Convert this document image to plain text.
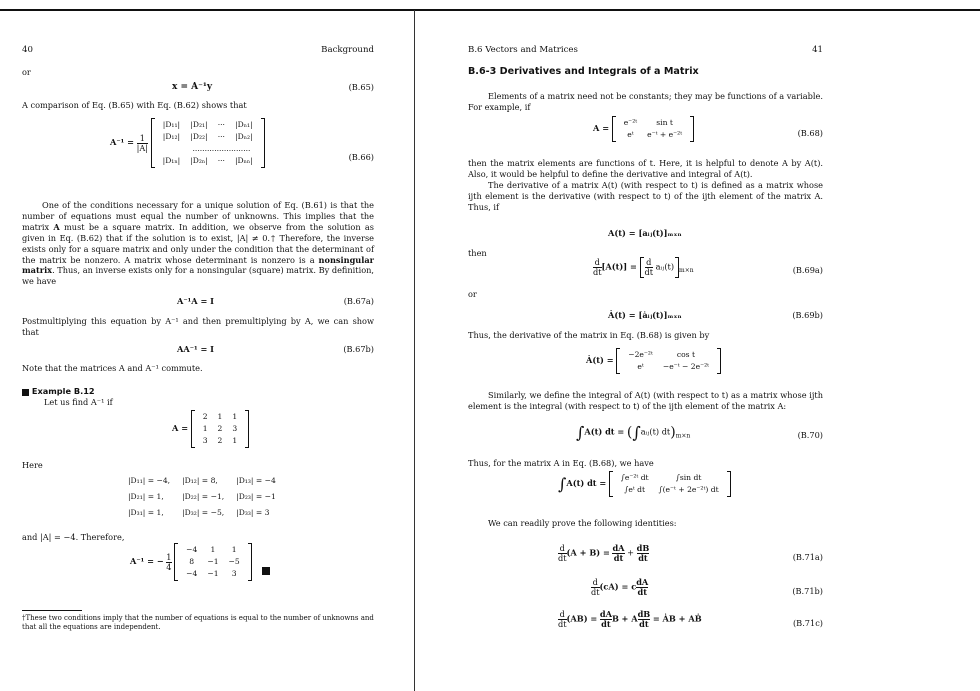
40	Background
or
x = A⁻¹y	(B.65)
A comparison of Eq. (B.65) with Eq. (B.62) shows that
$A^{-1} = \frac{1}{|A|}$

|D₁₁|	|D₂₁|	···	|Dₙ₁|
|D₁₂|	|D₂₂|	···	|Dₙ₂|
	........................		
|D₁ₙ|	|D₂ₙ|	···	|Dₙₙ|	(B.66)
One of the conditions necessary for a unique solution of Eq. (B.61) is that the number of equations must equal the number of unknowns. This implies that the matrix A must be a square matrix. In addition, we observe from the solution as given in Eq. (B.62) that if the solution is to exist, |A| ≠ 0.† Therefore, the inverse exists only for a square matrix and only under the condition that the determinant of the matrix be nonzero. A matrix whose determinant is nonzero is a nonsingular matrix. Thus, an inverse exists only for a nonsingular (square) matrix. By definition, we have
A⁻¹A = I	(B.67a)
Postmultiplying this equation by A⁻¹ and then premultiplying by A, we can show that
AA⁻¹ = I	(B.67b)
Note that the matrices A and A⁻¹ commute.
Example B.12
Let us find A⁻¹ if
A =
2	1	1
1	2	3
3	2	1
Here
|D₁₁| = −4,	|D₁₂| = 8,	|D₁₃| = −4
|D₂₁| = 1,	|D₂₂| = −1,	|D₂₃| = −1
|D₃₁| = 1,	|D₃₂| = −5,	|D₃₃| = 3
and |A| = −4. Therefore,
A⁻¹ = − $\frac{1}{4}$

−4	1	1
8	−1	−5
−4	−1	3
†These two conditions imply that the number of equations is equal to the number of unknowns and that all the equations are independent.
B.6 Vectors and Matrices	41
B.6-3 Derivatives and Integrals of a Matrix
Elements of a matrix need not be constants; they may be functions of a variable. For example, if
A =
e⁻²ᵗ	sin t
eᵗ	e⁻ᵗ + e⁻²ᵗ	(B.68)
then the matrix elements are functions of t. Here, it is helpful to denote A by A(t). Also, it would be helpful to define the derivative and integral of A(t).
The derivative of a matrix A(t) (with respect to t) is defined as a matrix whose ijth element is the derivative (with respect to t) of the ijth element of the matrix A. Thus, if
A(t) = [aᵢⱼ(t)]ₘₓₙ
then
$\frac{d}{dt} [A(t)] = \frac{d}{dt}$ aᵢⱼ(t) $_{m\times n}$	(B.69a)
or
Ȧ(t) = [ȧᵢⱼ(t)]ₘₓₙ	(B.69b)
Thus, the derivative of the matrix in Eq. (B.68) is given by
Ȧ(t) =
−2e⁻²ᵗ	cos t
eᵗ	−e⁻ᵗ − 2e⁻²ᵗ
Similarly, we define the integral of A(t) (with respect to t) as a matrix whose ijth element is the integral (with respect to t) of the ijth element of the matrix A:
∫A(t) dt = (∫aᵢⱼ(t) $dt)_{m\times n}$	(B.70)
Thus, for the matrix A in Eq. (B.68), we have
∫A(t) dt =
∫e⁻²ᵗ dt	∫sin dt
∫eᵗ dt	∫(e⁻ᵗ + 2e⁻²ᵗ) dt
We can readily prove the following identities:
$\frac{d}{dt} (A + B) = \frac{dA}{dt} + \frac{dB}{dt}$	(B.71a)
$\frac{d}{dt} (cA) = c \frac{dA}{dt}$	(B.71b)
$\frac{d}{dt} (AB) = \frac{dA}{dt}$ B + A $\frac{dB}{dt}$ = ȦB + AḂ	(B.71c)
